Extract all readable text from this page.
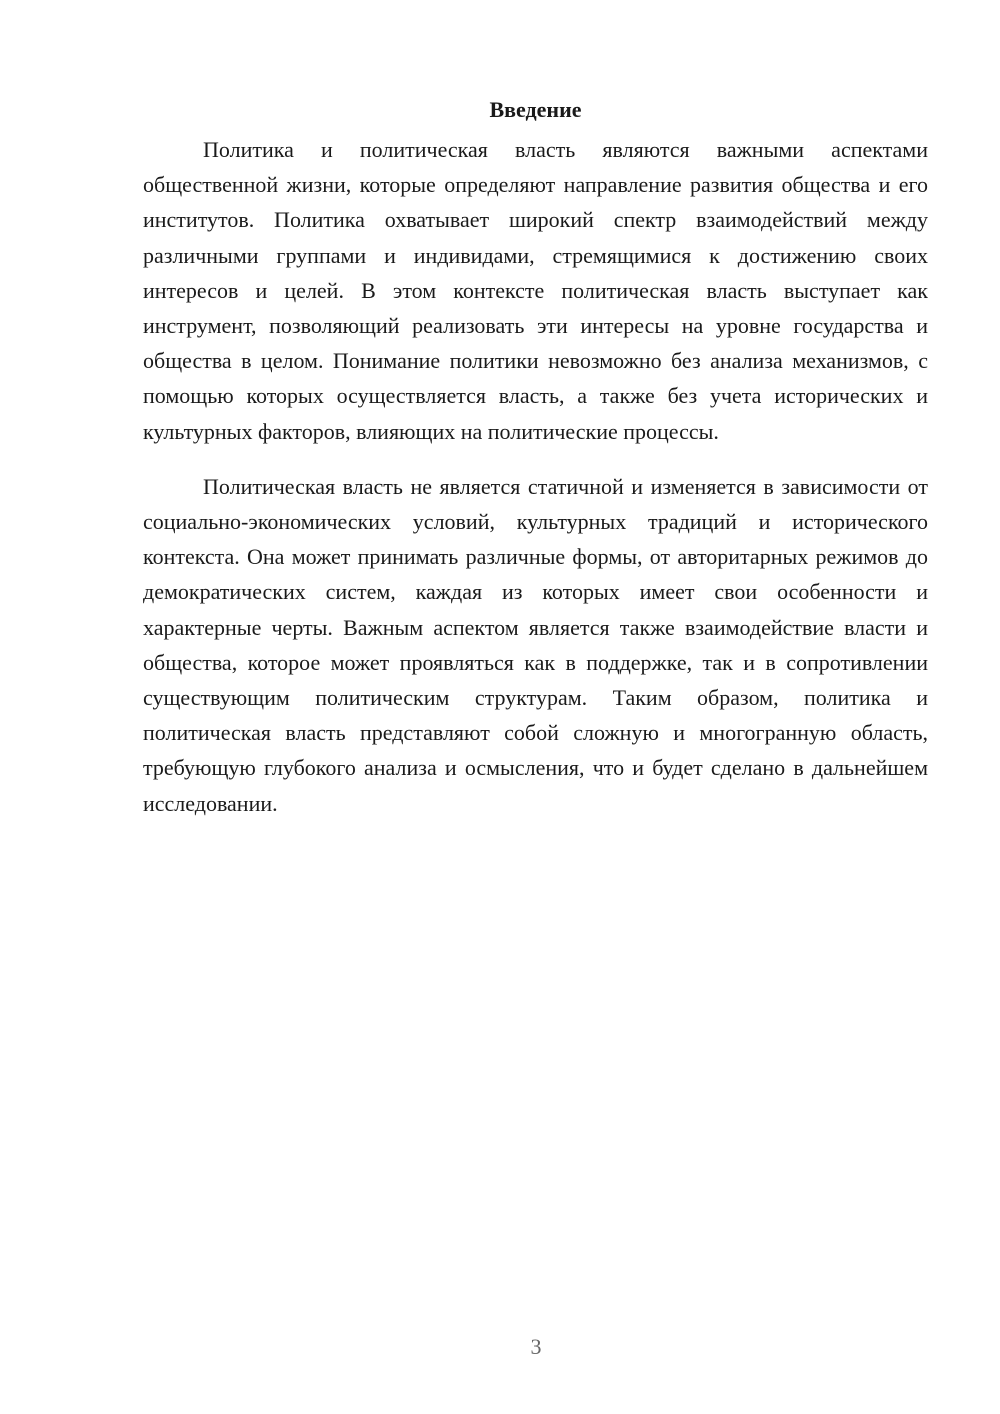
Введение

Политика и политическая власть являются важными аспектами общественной жизни, которые определяют направление развития общества и его институтов. Политика охватывает широкий спектр взаимодействий между различными группами и индивидами, стремящимися к достижению своих интересов и целей. В этом контексте политическая власть выступает как инструмент, позволяющий реализовать эти интересы на уровне государства и общества в целом. Понимание политики невозможно без анализа механизмов, с помощью которых осуществляется власть, а также без учета исторических и культурных факторов, влияющих на политические процессы.

Политическая власть не является статичной и изменяется в зависимости от социально-экономических условий, культурных традиций и исторического контекста. Она может принимать различные формы, от авторитарных режимов до демократических систем, каждая из которых имеет свои особенности и характерные черты. Важным аспектом является также взаимодействие власти и общества, которое может проявляться как в поддержке, так и в сопротивлении существующим политическим структурам. Таким образом, политика и политическая власть представляют собой сложную и многогранную область, требующую глубокого анализа и осмысления, что и будет сделано в дальнейшем исследовании.

3
